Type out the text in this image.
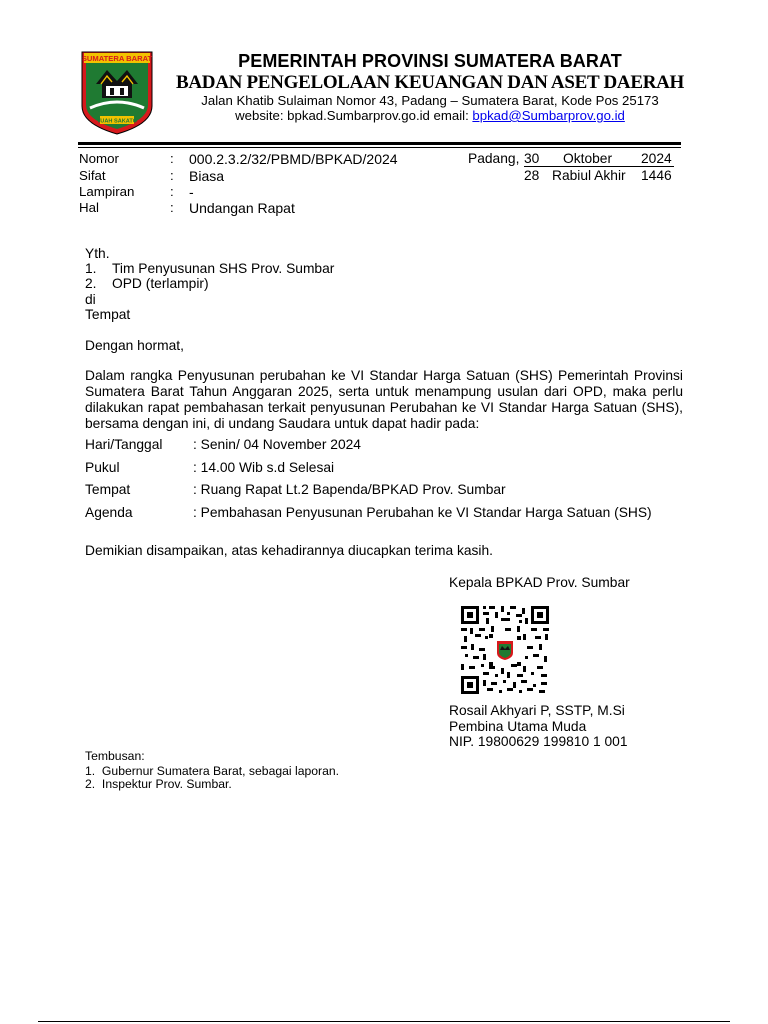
SUMATERA BARAT
TUAH SAKATO
PEMERINTAH PROVINSI SUMATERA BARAT
BADAN PENGELOLAAN KEUANGAN DAN ASET DAERAH
Jalan Khatib Sulaiman Nomor 43, Padang – Sumatera Barat, Kode Pos 25173
website: bpkad.Sumbarprov.go.id email: bpkad@Sumbarprov.go.id
Nomor	: 000.2.3.2/32/PBMD/BPKAD/2024
Sifat	: Biasa
Lampiran	: -
Hal	: Undangan Rapat
Padang, 30 Oktober 2024
28 Rabiul Akhir 1446
Yth.
1. Tim Penyusunan SHS Prov. Sumbar
2. OPD (terlampir)
di
Tempat
Dengan hormat,
Dalam rangka Penyusunan perubahan ke VI Standar Harga Satuan (SHS) Pemerintah Provinsi Sumatera Barat Tahun Anggaran 2025, serta untuk menampung usulan dari OPD, maka perlu dilakukan rapat pembahasan terkait penyusunan Perubahan ke VI Standar Harga Satuan (SHS), bersama dengan ini, di undang Saudara untuk dapat hadir pada:
Hari/Tanggal : Senin/ 04 November 2024
Pukul	: 14.00 Wib s.d Selesai
Tempat	: Ruang Rapat Lt.2 Bapenda/BPKAD Prov. Sumbar
Agenda	: Pembahasan Penyusunan Perubahan ke VI Standar Harga Satuan (SHS)
Demikian disampaikan, atas kehadirannya diucapkan terima kasih.
Kepala BPKAD Prov. Sumbar
Rosail Akhyari P, SSTP, M.Si
Pembina Utama Muda
NIP. 19800629 199810 1 001
Tembusan:
1.  Gubernur Sumatera Barat, sebagai laporan.
2.  Inspektur Prov. Sumbar.
